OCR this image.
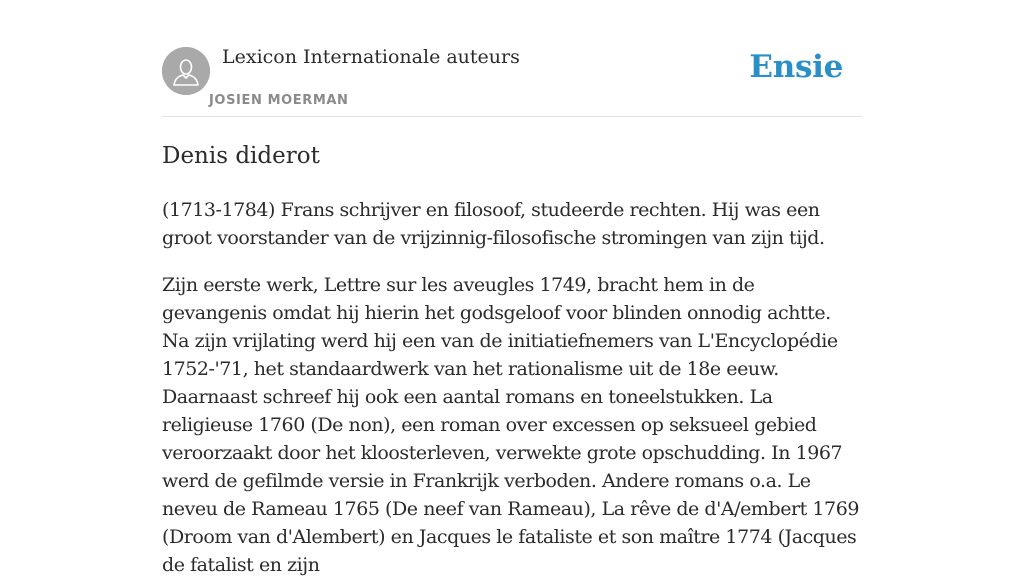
Lexicon Internationale auteurs
JOSIEN MOERMAN
Ensie
Denis diderot

(1713-1784) Frans schrijver en filosoof, studeerde rechten. Hij was een groot voorstander van de vrijzinnig-filosofische stromingen van zijn tijd.

Zijn eerste werk, Lettre sur les aveugles 1749, bracht hem in de gevangenis omdat hij hierin het godsgeloof voor blinden onnodig achtte. Na zijn vrijlating werd hij een van de initiatiefnemers van L'Encyclopédie 1752-'71, het standaardwerk van het rationalisme uit de 18e eeuw. Daarnaast schreef hij ook een aantal romans en toneelstukken. La religieuse 1760 (De non), een roman over excessen op seksueel gebied veroorzaakt door het kloosterleven, verwekte grote opschudding. In 1967 werd de gefilmde versie in Frankrijk verboden. Andere romans o.a. Le neveu de Rameau 1765 (De neef van Rameau), La rêve de d'A/embert 1769 (Droom van d'Alembert) en Jacques le fataliste et son maître 1774 (Jacques de fatalist en zijn
